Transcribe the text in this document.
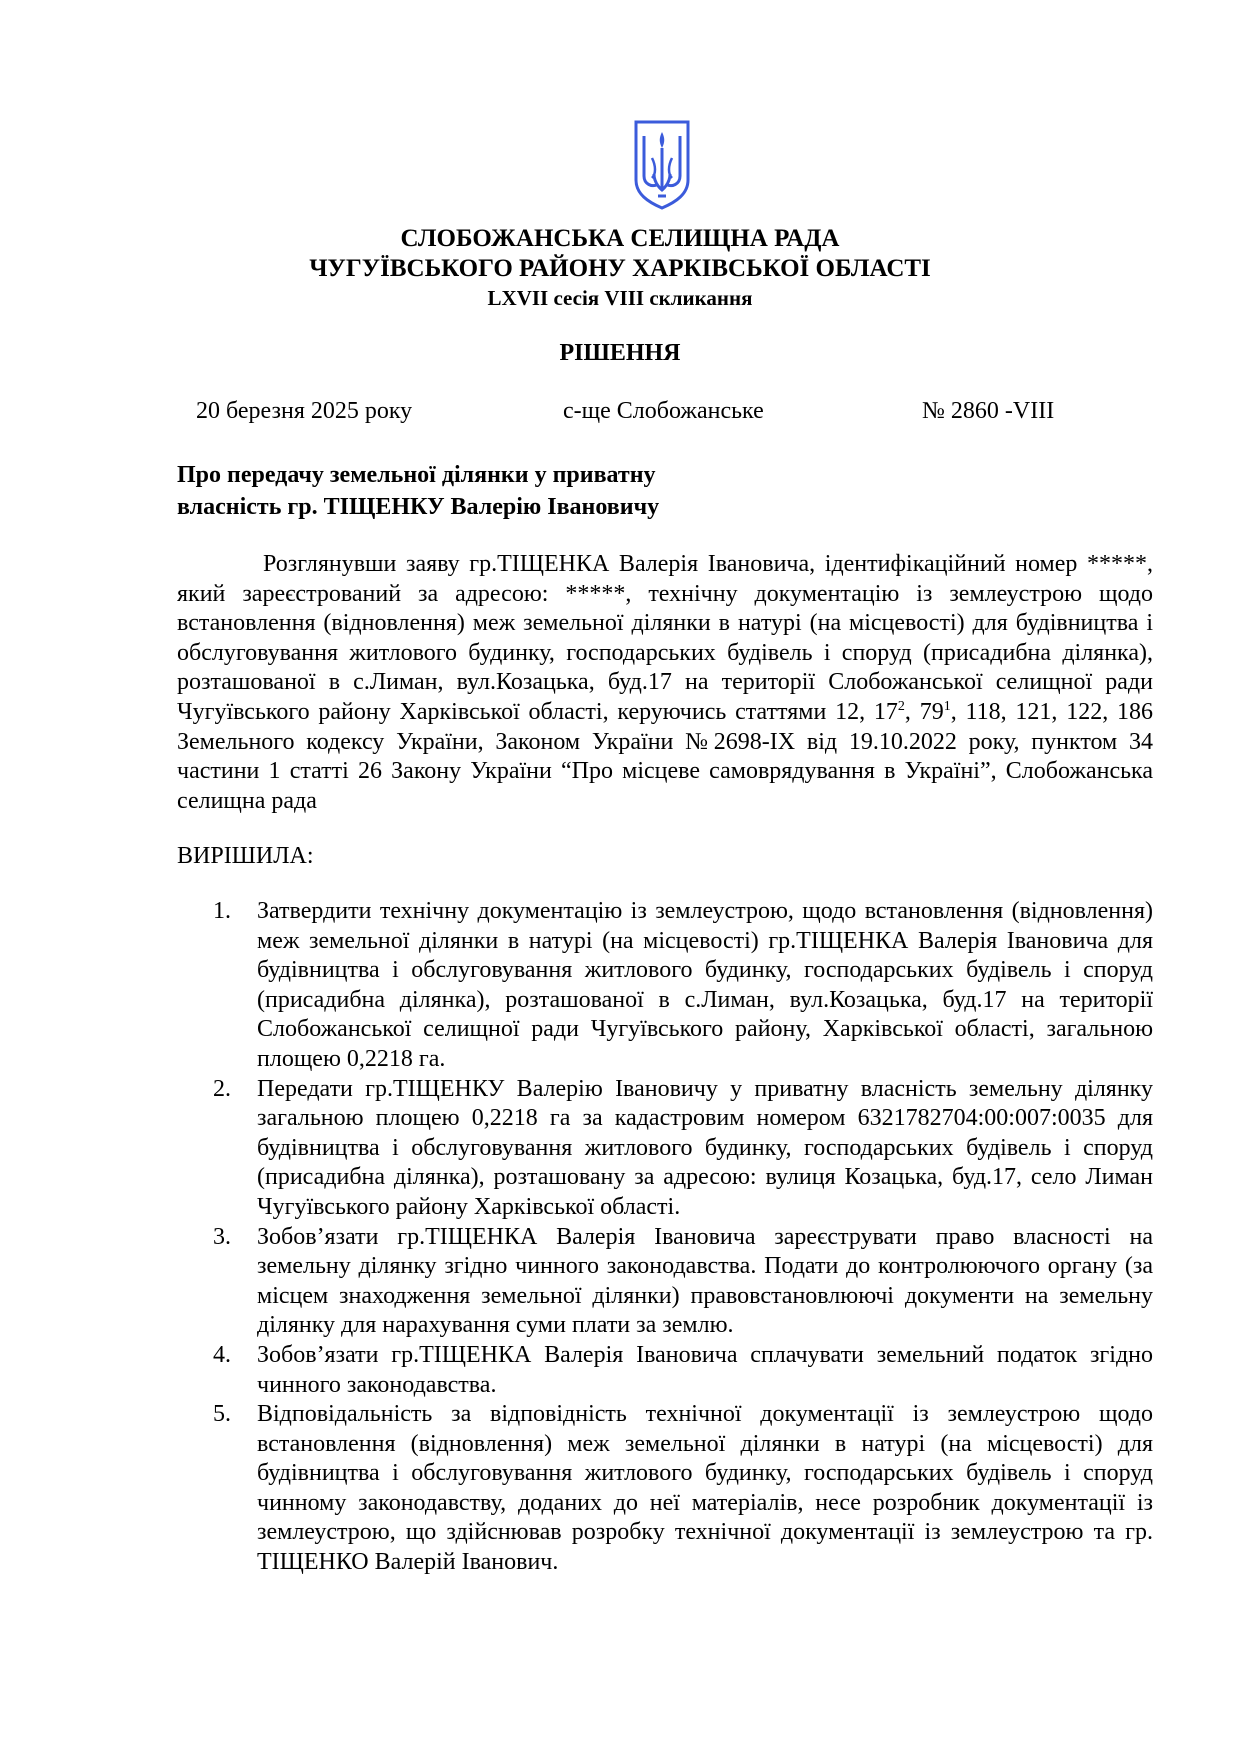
СЛОБОЖАНСЬКА СЕЛИЩНА РАДА
ЧУГУЇВСЬКОГО РАЙОНУ ХАРКІВСЬКОЇ ОБЛАСТІ
LXVII сесія VIII скликання
РІШЕННЯ
20 березня 2025 року	с-ще Слобожанське	№ 2860 -VIII
Про передачу земельної ділянки у приватну
власність гр. ТІЩЕНКУ Валерію Івановичу
Розглянувши заяву гр.ТІЩЕНКА Валерія Івановича, ідентифікаційний номер *****, який зареєстрований за адресою: *****, технічну документацію із землеустрою щодо встановлення (відновлення) меж земельної ділянки в натурі (на місцевості) для будівництва і обслуговування житлового будинку, господарських будівель і споруд (присадибна ділянка), розташованої в с.Лиман, вул.Козацька, буд.17 на території Слобожанської селищної ради Чугуївського району Харківської області, керуючись статтями 12, $17^2$, $79^1$, 118, 121, 122, 186 Земельного кодексу України, Законом України №2698-IX від 19.10.2022 року, пунктом 34 частини 1 статті 26 Закону України “Про місцеве самоврядування в Україні”, Слобожанська селищна рада
ВИРІШИЛА:
1. Затвердити технічну документацію із землеустрою, щодо встановлення (відновлення) меж земельної ділянки в натурі (на місцевості) гр.ТІЩЕНКА Валерія Івановича для будівництва і обслуговування житлового будинку, господарських будівель і споруд (присадибна ділянка), розташованої в с.Лиман, вул.Козацька, буд.17 на території Слобожанської селищної ради Чугуївського району, Харківської області, загальною площею 0,2218 га.
2. Передати гр.ТІЩЕНКУ Валерію Івановичу у приватну власність земельну ділянку загальною площею 0,2218 га за кадастровим номером 6321782704:00:007:0035 для будівництва і обслуговування житлового будинку, господарських будівель і споруд (присадибна ділянка), розташовану за адресою: вулиця Козацька, буд.17, село Лиман Чугуївського району Харківської області.
3. Зобов’язати гр.ТІЩЕНКА Валерія Івановича зареєструвати право власності на земельну ділянку згідно чинного законодавства. Подати до контролюючого органу (за місцем знаходження земельної ділянки) правовстановлюючі документи на земельну ділянку для нарахування суми плати за землю.
4. Зобов’язати гр.ТІЩЕНКА Валерія Івановича сплачувати земельний податок згідно чинного законодавства.
5. Відповідальність за відповідність технічної документації із землеустрою щодо встановлення (відновлення) меж земельної ділянки в натурі (на місцевості) для будівництва і обслуговування житлового будинку, господарських будівель і споруд чинному законодавству, доданих до неї матеріалів, несе розробник документації із землеустрою, що здійснював розробку технічної документації із землеустрою та гр. ТІЩЕНКО Валерій Іванович.
